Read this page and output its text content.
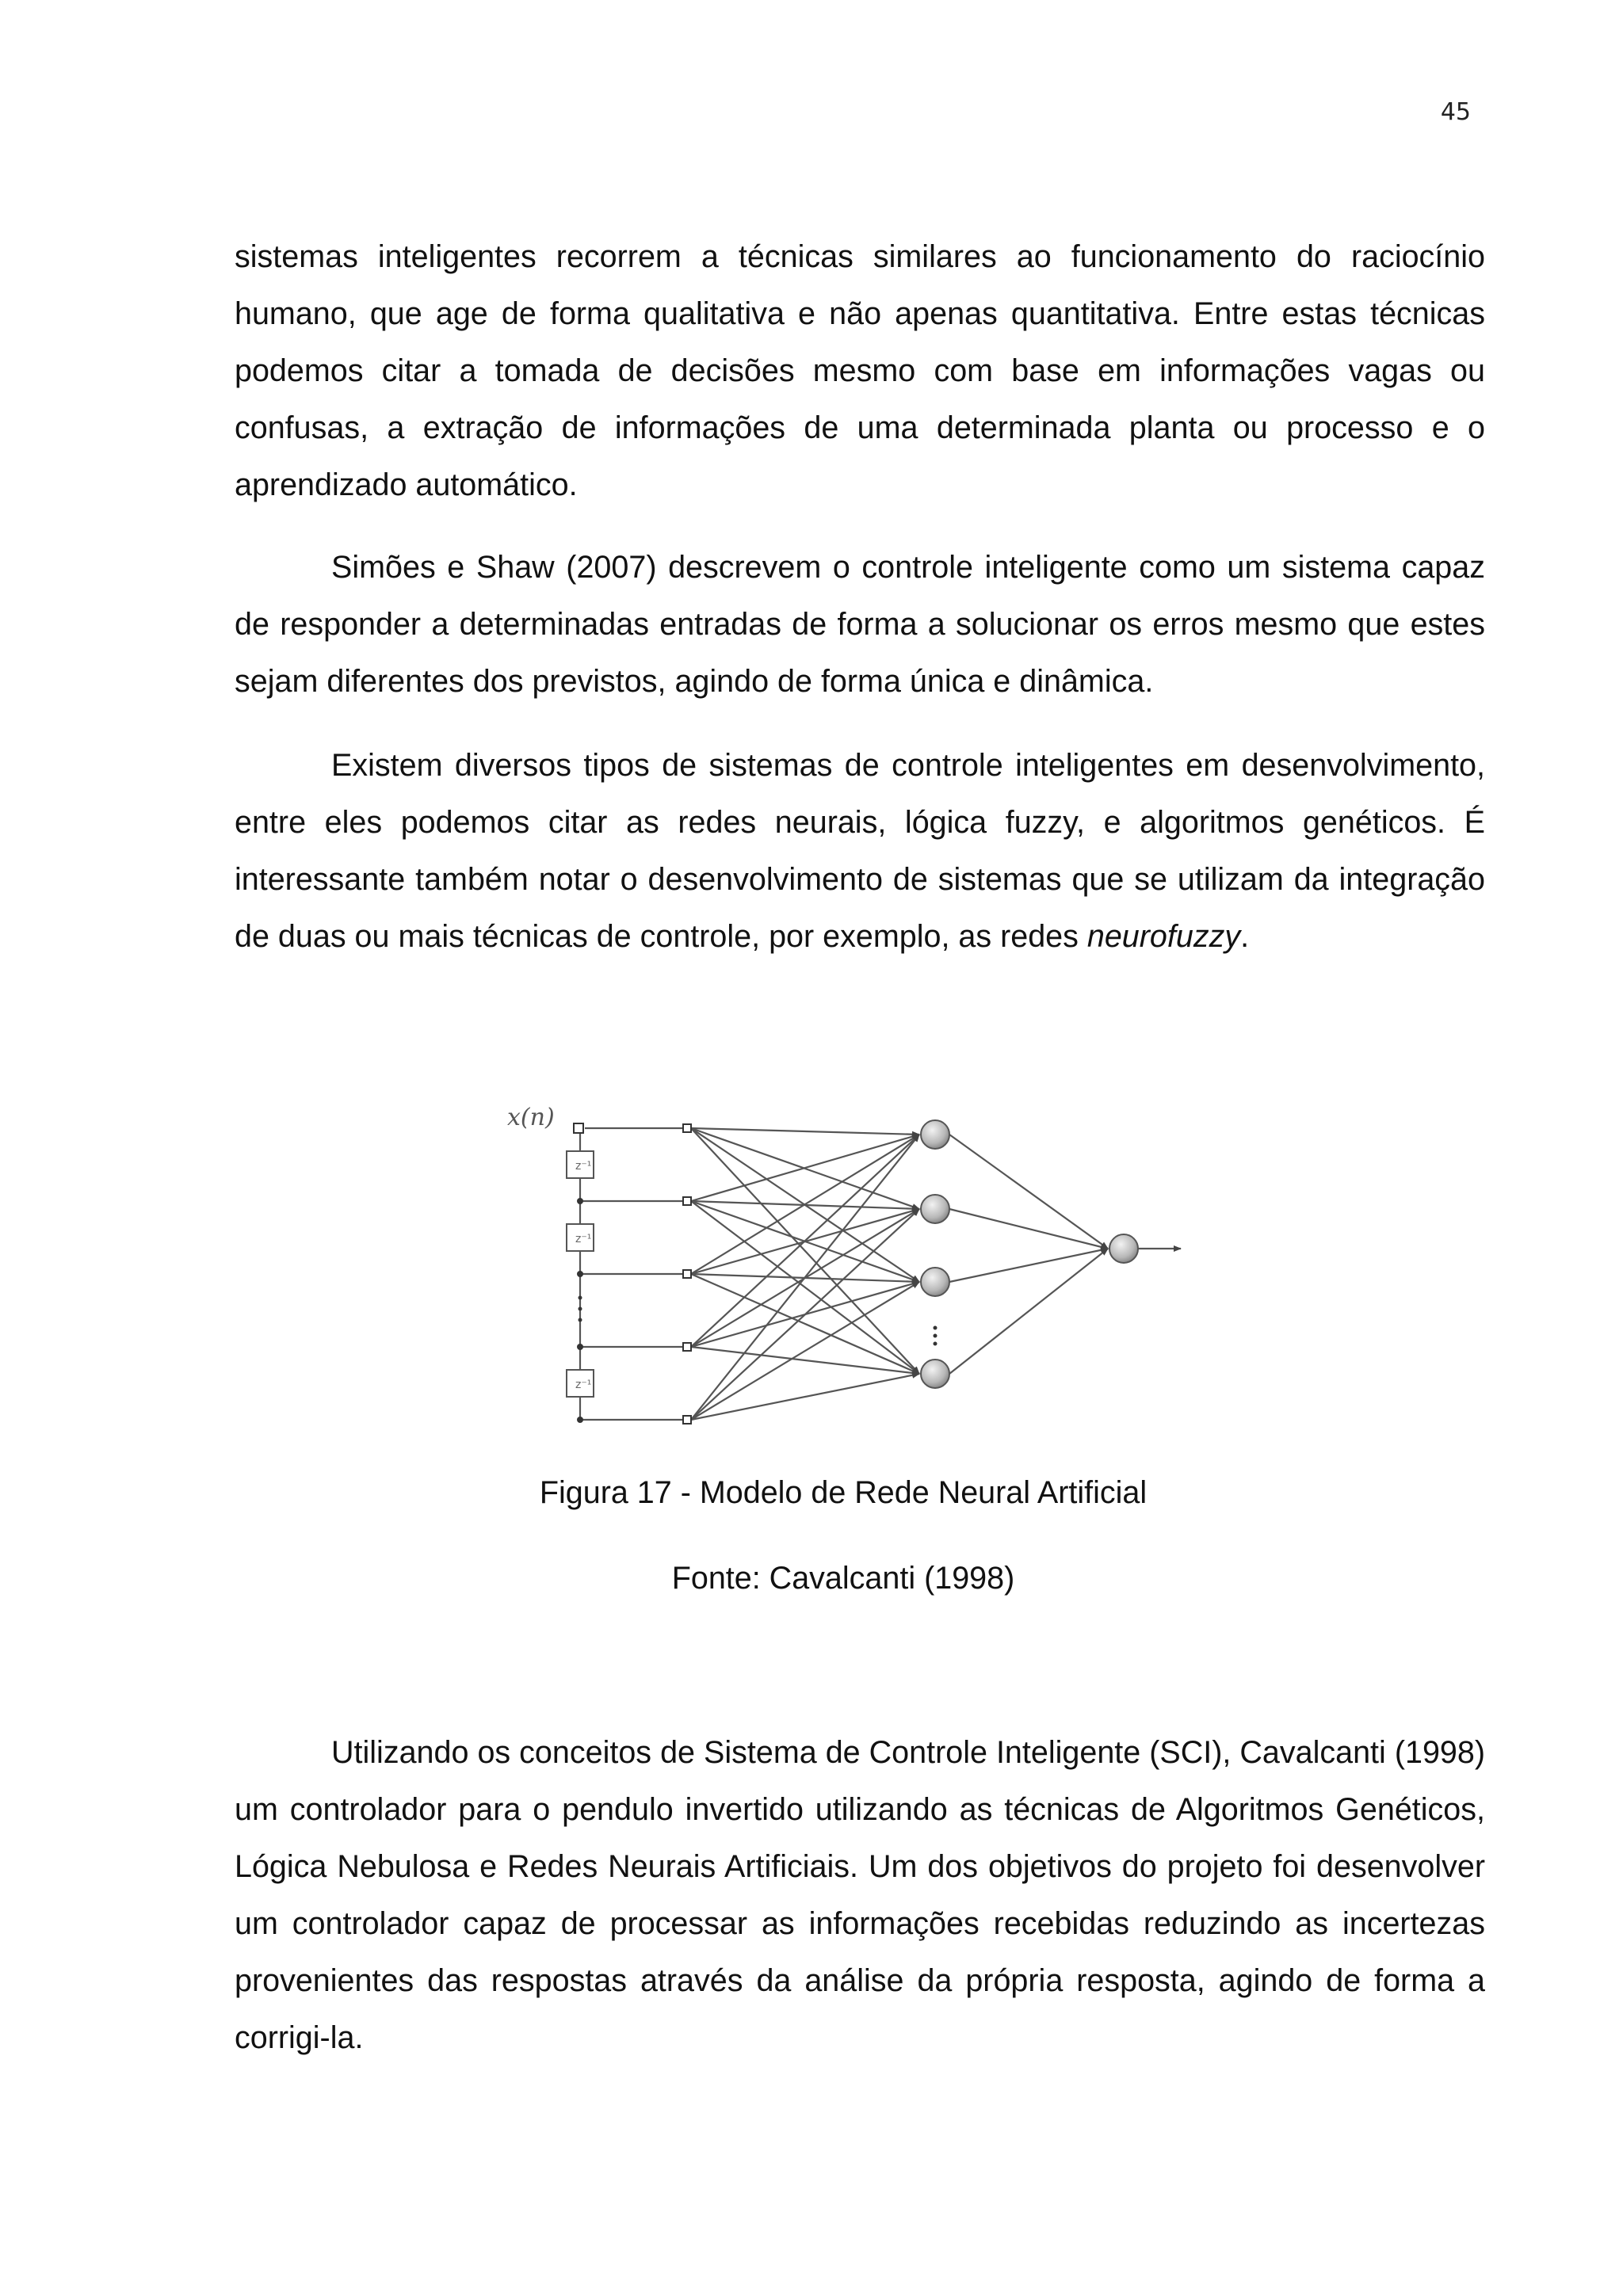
45

sistemas inteligentes recorrem a técnicas similares ao funcionamento do raciocínio humano, que age de forma qualitativa e não apenas quantitativa. Entre estas técnicas podemos citar a tomada de decisões mesmo com base em informações vagas ou confusas, a extração de informações de uma determinada planta ou processo e o aprendizado automático.

Simões e Shaw (2007) descrevem o controle inteligente como um sistema capaz de responder a determinadas entradas de forma a solucionar os erros mesmo que estes sejam diferentes dos previstos, agindo de forma única e dinâmica.

Existem diversos tipos de sistemas de controle inteligentes em desenvolvimento, entre eles podemos citar as redes neurais, lógica fuzzy, e algoritmos genéticos. É interessante também notar o desenvolvimento de sistemas que se utilizam da integração de duas ou mais técnicas de controle, por exemplo, as redes neurofuzzy.

z⁻¹
z⁻¹
z⁻¹
x(n)

Figura 17 - Modelo de Rede Neural Artificial

Fonte: Cavalcanti (1998)

Utilizando os conceitos de Sistema de Controle Inteligente (SCI), Cavalcanti (1998) um controlador para o pendulo invertido utilizando as técnicas de Algoritmos Genéticos, Lógica Nebulosa e Redes Neurais Artificiais. Um dos objetivos do projeto foi desenvolver um controlador capaz de processar as informações recebidas reduzindo as incertezas provenientes das respostas através da análise da própria resposta, agindo de forma a corrigi-la.
